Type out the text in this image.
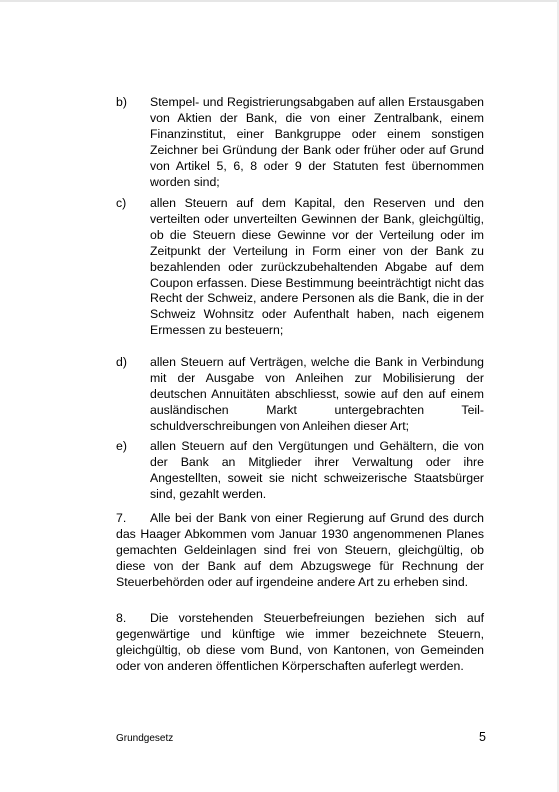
b) Stempel- und Registrierungsabgaben auf allen Erstausgaben von Aktien der Bank, die von einer Zentralbank, einem Finanzinstitut, einer Bankgruppe oder einem sonstigen Zeichner bei Gründung der Bank oder früher oder auf Grund von Artikel 5, 6, 8 oder 9 der Statuten fest übernommen worden sind;
c) allen Steuern auf dem Kapital, den Reserven und den verteilten oder unverteilten Gewinnen der Bank, gleichgültig, ob die Steuern diese Gewinne vor der Verteilung oder im Zeitpunkt der Verteilung in Form einer von der Bank zu bezahlenden oder zurückzubehaltenden Abgabe auf dem Coupon erfassen. Diese Bestimmung beeinträchtigt nicht das Recht der Schweiz, andere Personen als die Bank, die in der Schweiz Wohnsitz oder Aufenthalt haben, nach eigenem Ermessen zu besteuern;
d) allen Steuern auf Verträgen, welche die Bank in Verbindung mit der Ausgabe von Anleihen zur Mobilisierung der deutschen Annuitäten abschliesst, sowie auf den auf einem ausländischen Markt untergebrachten Teilschuldverschreibungen von Anleihen dieser Art;
e) allen Steuern auf den Vergütungen und Gehältern, die von der Bank an Mitglieder ihrer Verwaltung oder ihre Angestellten, soweit sie nicht schweizerische Staatsbürger sind, gezahlt werden.
7. Alle bei der Bank von einer Regierung auf Grund des durch das Haager Abkommen vom Januar 1930 angenommenen Planes gemachten Geldeinlagen sind frei von Steuern, gleichgültig, ob diese von der Bank auf dem Abzugswege für Rechnung der Steuerbehörden oder auf irgendeine andere Art zu erheben sind.
8. Die vorstehenden Steuerbefreiungen beziehen sich auf gegenwärtige und künftige wie immer bezeichnete Steuern, gleichgültig, ob diese vom Bund, von Kantonen, von Gemeinden oder von anderen öffentlichen Körperschaften auferlegt werden.
Grundgesetz	5
